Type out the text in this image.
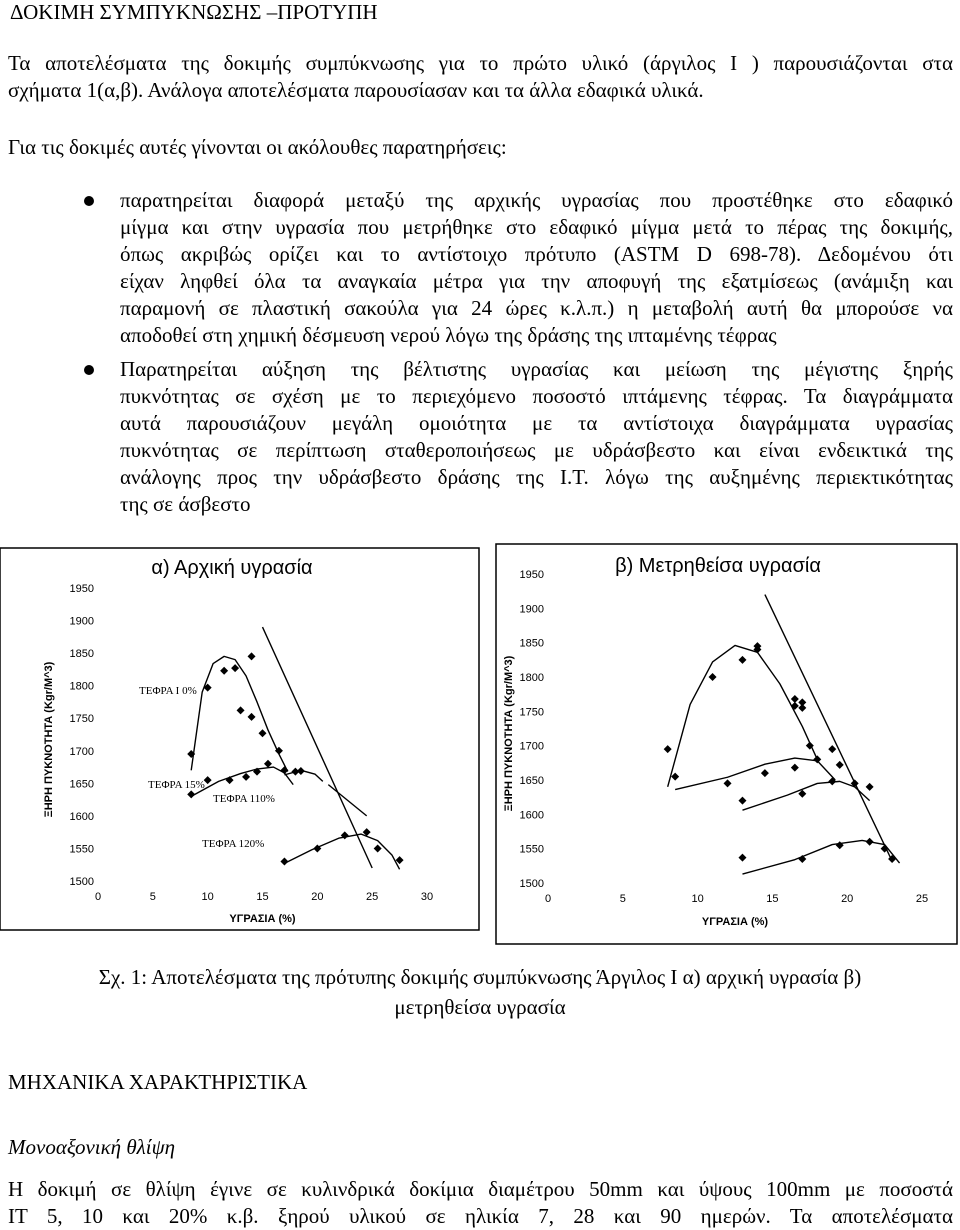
ΔΟΚΙΜΗ ΣΥΜΠΥΚΝΩΣΗΣ –ΠΡΟΤΥΠΗ
Τα αποτελέσματα της δοκιμής συμπύκνωσης για το πρώτο υλικό (άργιλος Ι ) παρουσιάζονται στα
σχήματα 1(α,β). Ανάλογα αποτελέσματα παρουσίασαν και τα άλλα εδαφικά υλικά.
Για τις δοκιμές αυτές γίνονται οι ακόλουθες παρατηρήσεις:
παρατηρείται διαφορά μεταξύ της αρχικής υγρασίας που προστέθηκε στο εδαφικό
μίγμα και στην υγρασία που μετρήθηκε στο εδαφικό μίγμα μετά το πέρας της δοκιμής,
όπως ακριβώς ορίζει και το αντίστοιχο πρότυπο (ASTM D 698-78). Δεδομένου ότι
είχαν ληφθεί όλα τα αναγκαία μέτρα για την αποφυγή της εξατμίσεως (ανάμιξη και
παραμονή σε πλαστική σακούλα για 24 ώρες κ.λ.π.) η μεταβολή αυτή θα μπορούσε να
αποδοθεί στη χημική δέσμευση νερού λόγω της δράσης της ιπταμένης τέφρας
Παρατηρείται αύξηση της βέλτιστης υγρασίας και μείωση της μέγιστης ξηρής
πυκνότητας σε σχέση με το περιεχόμενο ποσοστό ιπτάμενης τέφρας. Τα διαγράμματα
αυτά παρουσιάζουν μεγάλη ομοιότητα με τα αντίστοιχα διαγράμματα υγρασίας
πυκνότητας σε περίπτωση σταθεροποιήσεως με υδράσβεστο και είναι ενδεικτικά της
ανάλογης προς την υδράσβεστο δράσης της Ι.Τ. λόγω της αυξημένης περιεκτικότητας
της σε άσβεστο
α) Αρχική υγρασία
1500
1550
1600
1650
1700
1750
1800
1850
1900
1950
0	5	10	15	20	25	30
ΥΓΡΑΣΙΑ (%)
ΞΗΡΗ ΠΥΚΝΟΤΗΤΑ (Kgr/M^3)	ΤΕΦΡΑ Ι 0%
ΤΕΦΡΑ 15%
ΤΕΦΡΑ 110%
ΤΕΦΡΑ 120%
β) Μετρηθείσα υγρασία
1500
1550
1600
1650
1700
1750
1800
1850
1900
1950
0	5	10	15	20	25
ΥΓΡΑΣΙΑ (%)
ΞΗΡΗ ΠΥΚΝΟΤΗΤΑ (Kgr/M^3)
Σχ. 1: Αποτελέσματα της πρότυπης δοκιμής συμπύκνωσης Άργιλος Ι α) αρχική υγρασία β)
μετρηθείσα υγρασία
ΜΗΧΑΝΙΚΑ ΧΑΡΑΚΤΗΡΙΣΤΙΚΑ
Μονοαξονική θλίψη
Η δοκιμή σε θλίψη έγινε σε κυλινδρικά δοκίμια διαμέτρου 50mm και ύψους 100mm με ποσοστά
ΙΤ 5, 10 και 20% κ.β. ξηρού υλικού σε ηλικία 7, 28 και 90 ημερών. Τα αποτελέσματα
